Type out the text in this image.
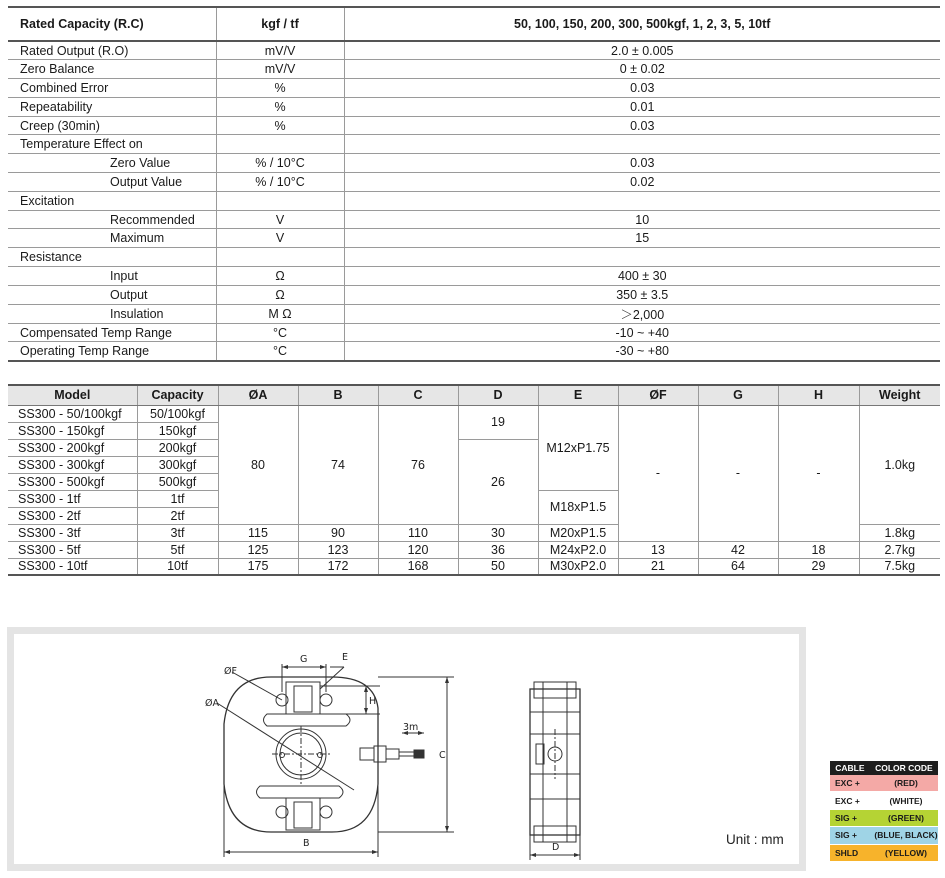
Rated Capacity (R.C)	kgf / tf	50, 100, 150, 200, 300, 500kgf, 1, 2, 3, 5, 10tf
Rated Output (R.O)	mV/V	2.0 ± 0.005
Zero Balance	mV/V	0 ± 0.02
Combined Error	%	0.03
Repeatability	%	0.01
Creep (30min)	%	0.03
Temperature Effect on		
Zero Value	% / 10°C	0.03
Output Value	% / 10°C	0.02
Excitation		
Recommended	V	10
Maximum	V	15
Resistance		
Input	Ω	400 ± 30
Output	Ω	350 ± 3.5
Insulation	M Ω	＞2,000
Compensated Temp Range	°C	-10 ~ +40
Operating Temp Range	°C	-30 ~ +80
Model	Capacity	ØA	B	C	D	E	ØF	G	H	Weight
SS300 - 50/100kgf	50/100kgf	80	74	76	19	M12xP1.75	-	-	-	1.0kg
SS300 - 150kgf	150kgf									
SS300 - 200kgf	200kgf				26					
SS300 - 300kgf	300kgf									
SS300 - 500kgf	500kgf									
SS300 - 1tf	1tf					M18xP1.5				
SS300 - 2tf	2tf									
SS300 - 3tf	3tf	115	90	110	30	M20xP1.5				1.8kg
SS300 - 5tf	5tf	125	123	120	36	M24xP2.0	13	42	18	2.7kg
SS300 - 10tf	10tf	175	172	168	50	M30xP2.0	21	64	29	7.5kg
ØF
ØA
G	E
H
3m
C
B	D
Unit : mm
CABLE COLOR CODE
EXC +	(RED)
EXC +	(WHITE)
SIG +	(GREEN)
SIG +	(BLUE, BLACK)
SHLD	(YELLOW)
